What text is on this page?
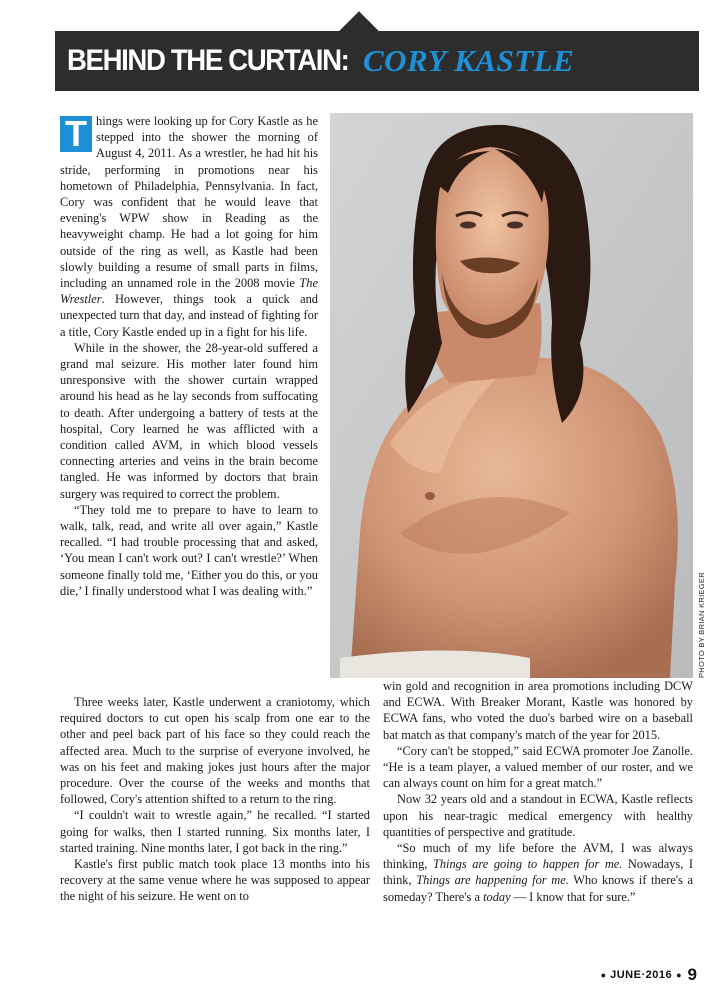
BEHIND THE CURTAIN: CORY KASTLE
PHOTO BY BRIAN KRIEGER

T hings were looking up for Cory Kastle as he stepped into the shower the morning of August 4, 2011. As a wrestler, he had hit his stride, performing in promotions near his hometown of Philadelphia, Pennsylvania. In fact, Cory was confident that he would leave that evening's WPW show in Reading as the heavyweight champ. He had a lot going for him outside of the ring as well, as Kastle had been slowly building a resume of small parts in films, including an unnamed role in the 2008 movie The Wrestler. However, things took a quick and unexpected turn that day, and instead of fighting for a title, Cory Kastle ended up in a fight for his life.

While in the shower, the 28-year-old suffered a grand mal seizure. His mother later found him unresponsive with the shower curtain wrapped around his head as he lay seconds from suffocating to death. After undergoing a battery of tests at the hospital, Cory learned he was afflicted with a condition called AVM, in which blood vessels connecting arteries and veins in the brain become tangled. He was informed by doctors that brain surgery was required to correct the problem.

“They told me to prepare to have to learn to walk, talk, read, and write all over again,” Kastle recalled. “I had trouble processing that and asked, ‘You mean I can't work out? I can't wrestle?’ When someone finally told me, ‘Either you do this, or you die,’ I finally understood what I was dealing with.”

Three weeks later, Kastle underwent a craniotomy, which required doctors to cut open his scalp from one ear to the other and peel back part of his face so they could reach the affected area. Much to the surprise of everyone involved, he was on his feet and making jokes just hours after the major procedure. Over the course of the weeks and months that followed, Cory's attention shifted to a return to the ring.

“I couldn't wait to wrestle again,” he recalled. “I started going for walks, then I started running. Six months later, I started training. Nine months later, I got back in the ring.”

Kastle's first public match took place 13 months into his recovery at the same venue where he was supposed to appear the night of his seizure. He went on to

win gold and recognition in area promotions including DCW and ECWA. With Breaker Morant, Kastle was honored by ECWA fans, who voted the duo's barbed wire on a baseball bat match as that company's match of the year for 2015.

“Cory can't be stopped,” said ECWA promoter Joe Zanolle. “He is a team player, a valued member of our roster, and we can always count on him for a great match.”

Now 32 years old and a standout in ECWA, Kastle reflects upon his near-tragic medical emergency with healthy quantities of perspective and gratitude.

“So much of my life before the AVM, I was always thinking, Things are going to happen for me. Nowadays, I think, Things are happening for me. Who knows if there's a someday? There's a today — I know that for sure.”

● JUNE·2016 ● 9
